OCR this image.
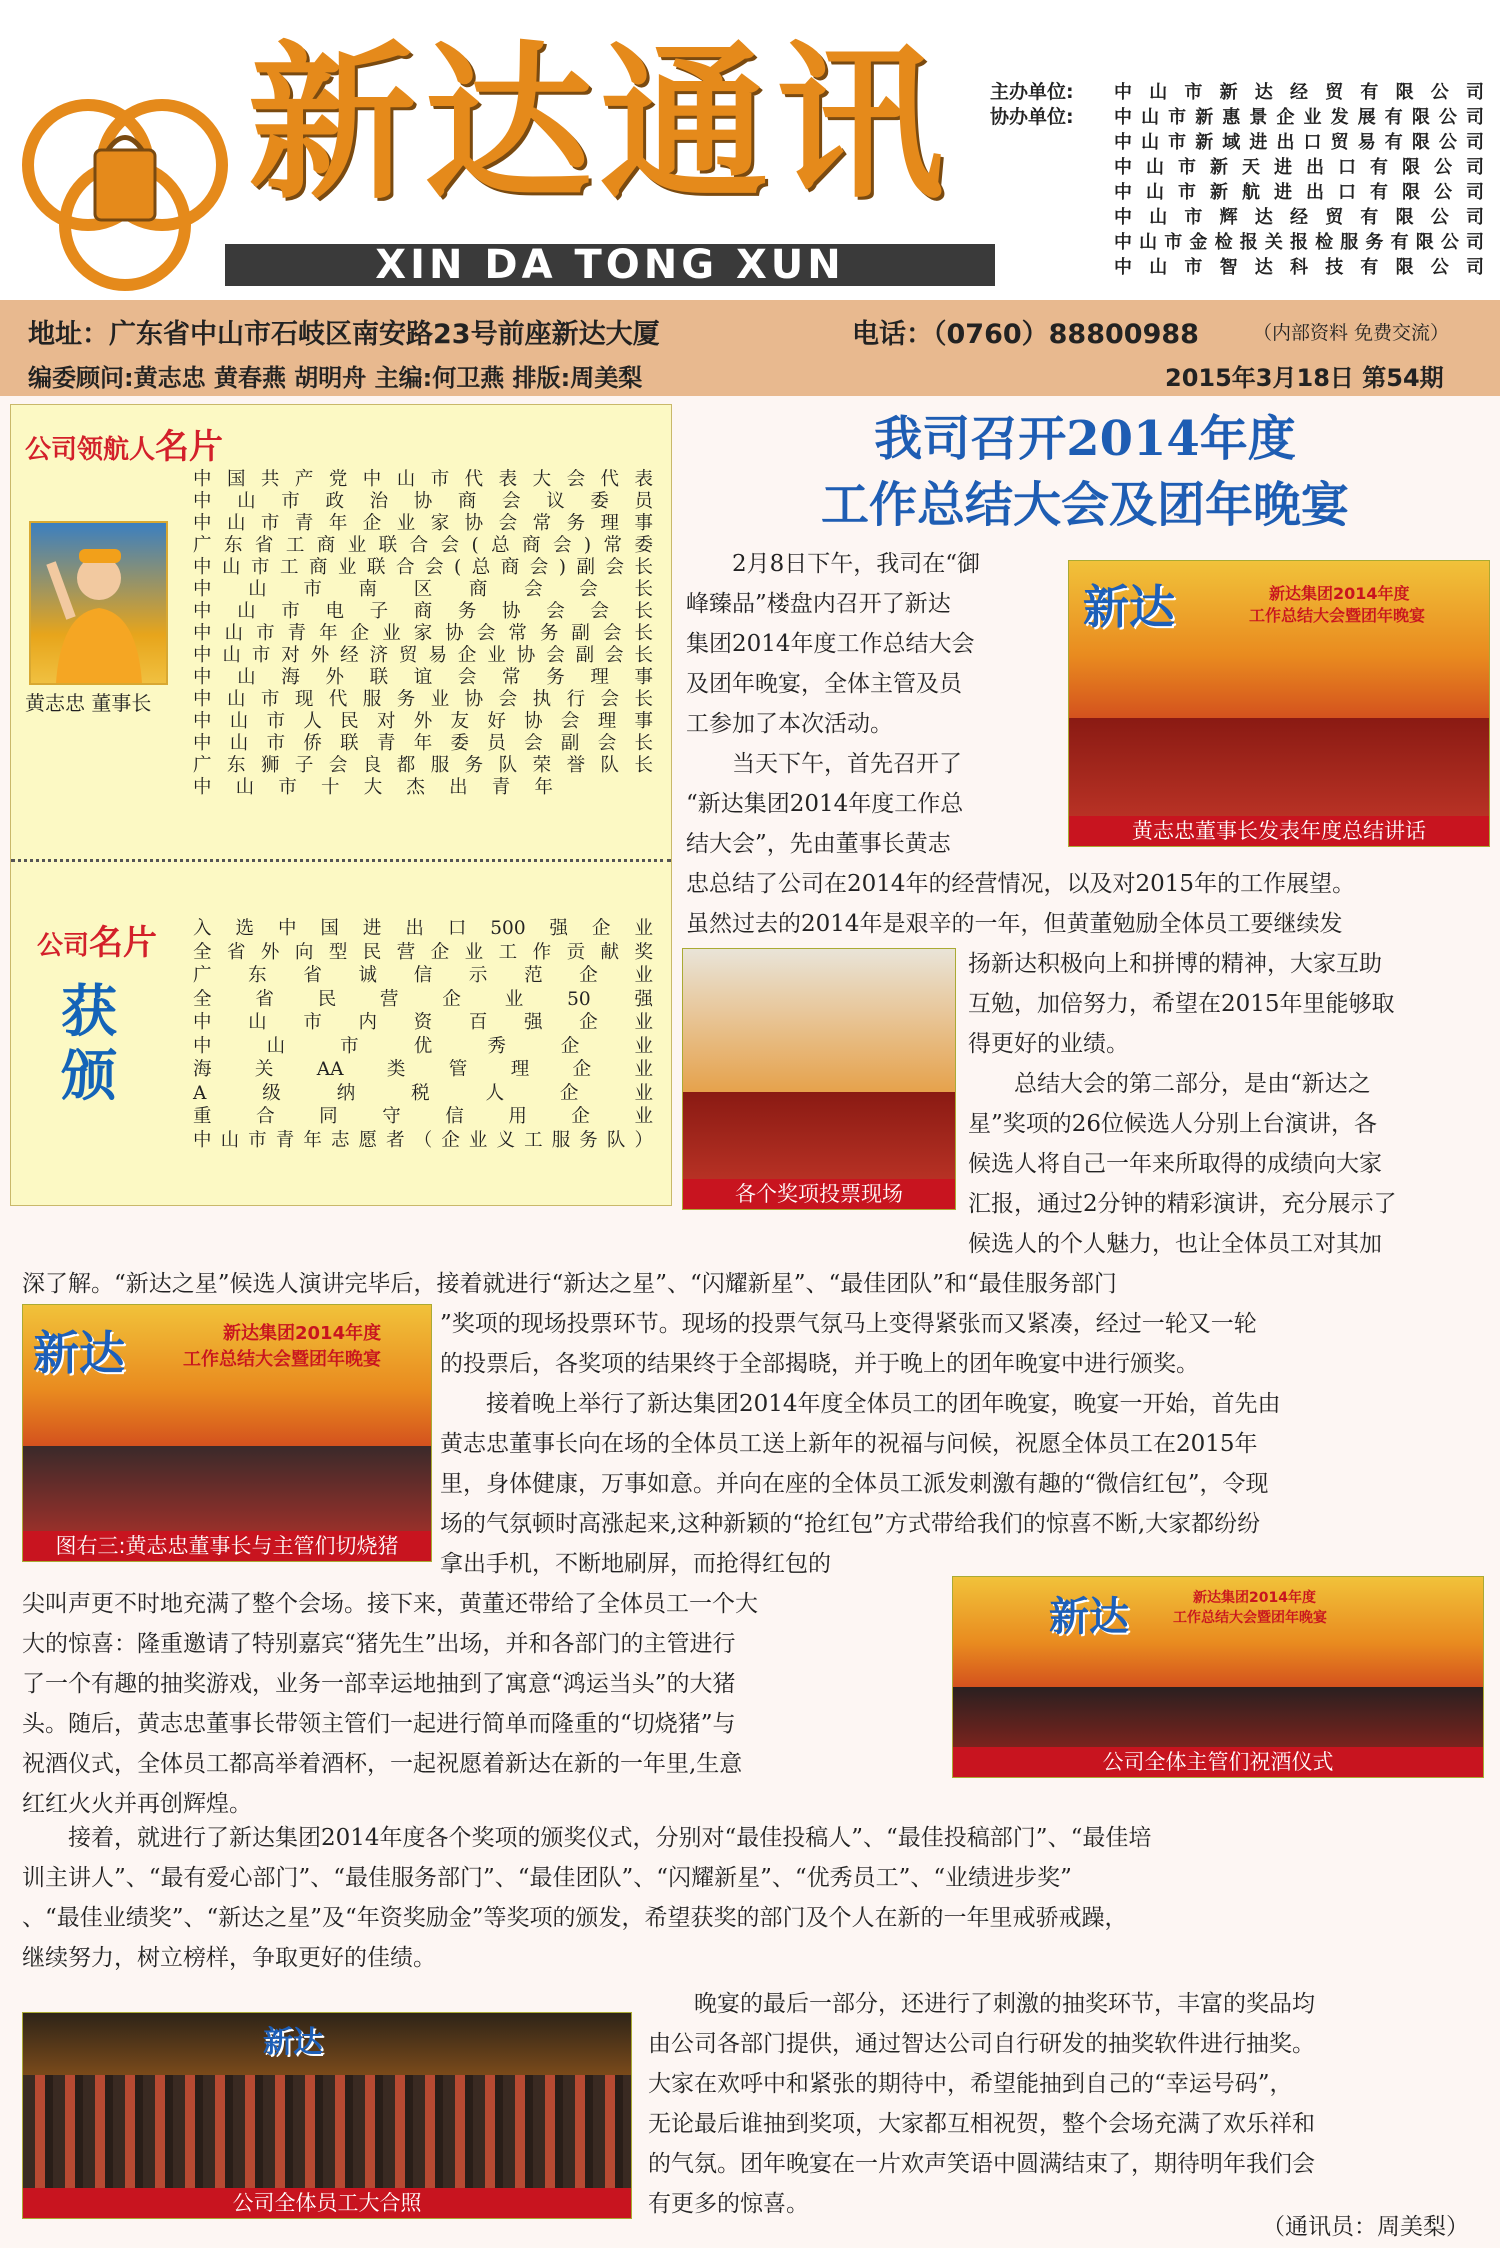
新达通讯
XIN DA TONG XUN
主办单位:
协办单位:
中山市新达经贸有限公司
中山市新惠景企业发展有限公司
中山市新域进出口贸易有限公司
中山市新天进出口有限公司
中山市新航进出口有限公司
中山市辉达经贸有限公司
中山市金检报关报检服务有限公司
中山市智达科技有限公司
地址：广东省中山市石岐区南安路23号前座新达大厦	电话：（0760）88800988	（内部资料 免费交流）
编委顾问:黄志忠 黄春燕 胡明舟 主编:何卫燕 排版:周美梨	2015年3月18日 第54期
公司领航人名片
黄志忠 董事长
中国共产党中山市代表大会代表
中山市政治协商会议委员
中山市青年企业家协会常务理事
广东省工商业联合会(总商会)常委
中山市工商业联合会(总商会)副会长
中山市南区商会会长
中山市电子商务协会会长
中山市青年企业家协会常务副会长
中山市对外经济贸易企业协会副会长
中山海外联谊会常务理事
中山市现代服务业协会执行会长
中山市人民对外友好协会理事
中山市侨联青年委员会副会长
广东狮子会良都服务队荣誉队长
中山市十大杰出青年
公司名片
获颁
入选中国进出口500强企业
全省外向型民营企业工作贡献奖
广东省诚信示范企业
全省民营企业50强
中山市内资百强企业
中山市优秀企业
海关AA类管理企业
A级纳税人企业
重合同守信用企业
中山市青年志愿者（企业义工服务队）
我司召开2014年度
工作总结大会及团年晚宴
新达	新达集团2014年度
工作总结大会暨团年晚宴
黄志忠董事长发表年度总结讲话
各个奖项投票现场
新达	新达集团2014年度
工作总结大会暨团年晚宴
图右三:黄志忠董事长与主管们切烧猪
新达	新达集团2014年度
工作总结大会暨团年晚宴
公司全体主管们祝酒仪式
新达
公司全体员工大合照
2月8日下午，我司在“御
峰臻品”楼盘内召开了新达
集团2014年度工作总结大会
及团年晚宴，全体主管及员
工参加了本次活动。
当天下午，首先召开了
“新达集团2014年度工作总
结大会”，先由董事长黄志
忠总结了公司在2014年的经营情况，以及对2015年的工作展望。
虽然过去的2014年是艰辛的一年，但黄董勉励全体员工要继续发
扬新达积极向上和拼博的精神，大家互助
互勉，加倍努力，希望在2015年里能够取
得更好的业绩。
总结大会的第二部分，是由“新达之
星”奖项的26位候选人分别上台演讲，各
候选人将自己一年来所取得的成绩向大家
汇报，通过2分钟的精彩演讲，充分展示了
候选人的个人魅力，也让全体员工对其加
深了解。“新达之星”候选人演讲完毕后，接着就进行“新达之星”、“闪耀新星”、“最佳团队”和“最佳服务部门
”奖项的现场投票环节。现场的投票气氛马上变得紧张而又紧凑，经过一轮又一轮
的投票后，各奖项的结果终于全部揭晓，并于晚上的团年晚宴中进行颁奖。
接着晚上举行了新达集团2014年度全体员工的团年晚宴，晚宴一开始，首先由
黄志忠董事长向在场的全体员工送上新年的祝福与问候，祝愿全体员工在2015年
里，身体健康，万事如意。并向在座的全体员工派发刺激有趣的“微信红包”，令现
场的气氛顿时高涨起来,这种新颖的“抢红包”方式带给我们的惊喜不断,大家都纷纷
拿出手机，不断地刷屏，而抢得红包的
尖叫声更不时地充满了整个会场。接下来，黄董还带给了全体员工一个大
大的惊喜：隆重邀请了特别嘉宾“猪先生”出场，并和各部门的主管进行
了一个有趣的抽奖游戏，业务一部幸运地抽到了寓意“鸿运当头”的大猪
头。随后，黄志忠董事长带领主管们一起进行简单而隆重的“切烧猪”与
祝酒仪式，全体员工都高举着酒杯，一起祝愿着新达在新的一年里,生意
红红火火并再创辉煌。
接着，就进行了新达集团2014年度各个奖项的颁奖仪式，分别对“最佳投稿人”、“最佳投稿部门”、“最佳培
训主讲人”、“最有爱心部门”、“最佳服务部门”、“最佳团队”、“闪耀新星”、“优秀员工”、“业绩进步奖”
、“最佳业绩奖”、“新达之星”及“年资奖励金”等奖项的颁发，希望获奖的部门及个人在新的一年里戒骄戒躁，
继续努力，树立榜样，争取更好的佳绩。
晚宴的最后一部分，还进行了刺激的抽奖环节，丰富的奖品均
由公司各部门提供，通过智达公司自行研发的抽奖软件进行抽奖。
大家在欢呼中和紧张的期待中，希望能抽到自己的“幸运号码”，
无论最后谁抽到奖项，大家都互相祝贺，整个会场充满了欢乐祥和
的气氛。团年晚宴在一片欢声笑语中圆满结束了，期待明年我们会
有更多的惊喜。
（通讯员：周美梨）
